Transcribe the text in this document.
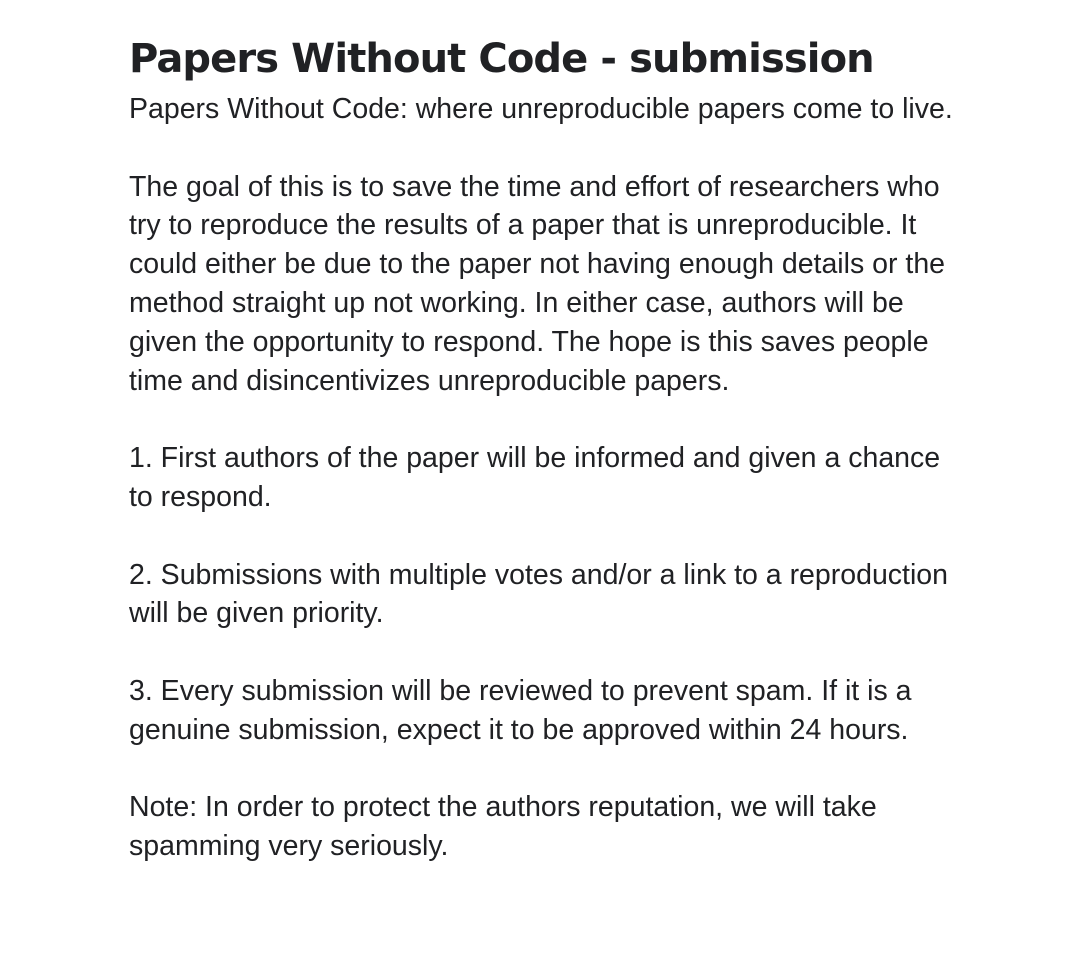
Papers Without Code - submission

Papers Without Code: where unreproducible papers come to live.

The goal of this is to save the time and effort of researchers who try to reproduce the results of a paper that is unreproducible. It could either be due to the paper not having enough details or the method straight up not working. In either case, authors will be given the opportunity to respond. The hope is this saves people time and disincentivizes unreproducible papers.

1. First authors of the paper will be informed and given a chance to respond.

2. Submissions with multiple votes and/or a link to a reproduction will be given priority.

3. Every submission will be reviewed to prevent spam. If it is a genuine submission, expect it to be approved within 24 hours.

Note: In order to protect the authors reputation, we will take spamming very seriously.
